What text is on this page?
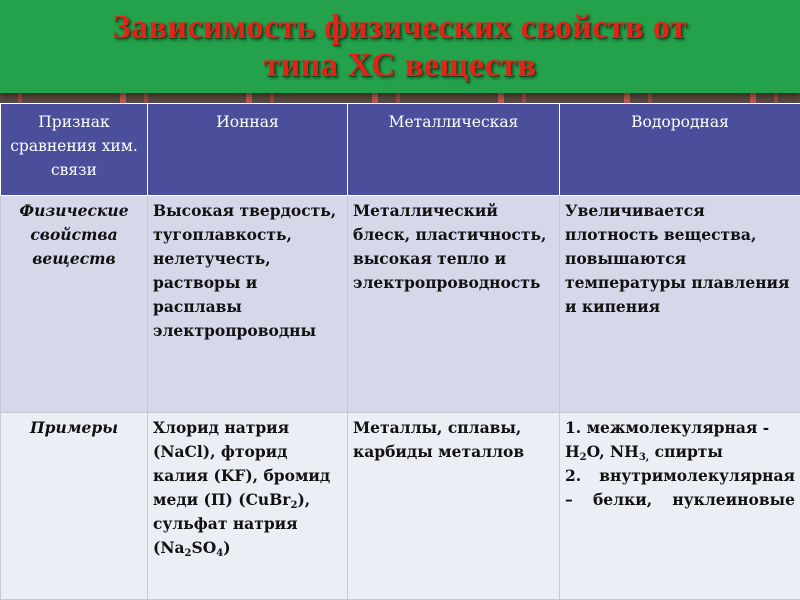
Зависимость физических свойств от
типа ХС веществ
Признак сравнения хим. связи	Ионная	Металлическая	Водородная
Физические свойства веществ	Высокая твердость, тугоплавкость, нелетучесть, растворы и расплавы электропроводны	Металлический блеск, пластичность, высокая тепло и электропроводность	Увеличивается плотность вещества, повышаются температуры плавления и кипения
Примеры	Хлорид натрия (NaCl), фторид калия (KF), бромид меди (П) (CuBr$_2$), сульфат натрия $(Na_2SO_4)$	Металлы, сплавы, карбиды металлов	1. межмолекулярная - $H_2O$, $NH_{3,}$ спирты
2. внутримолекулярная – белки, нуклеиновые
